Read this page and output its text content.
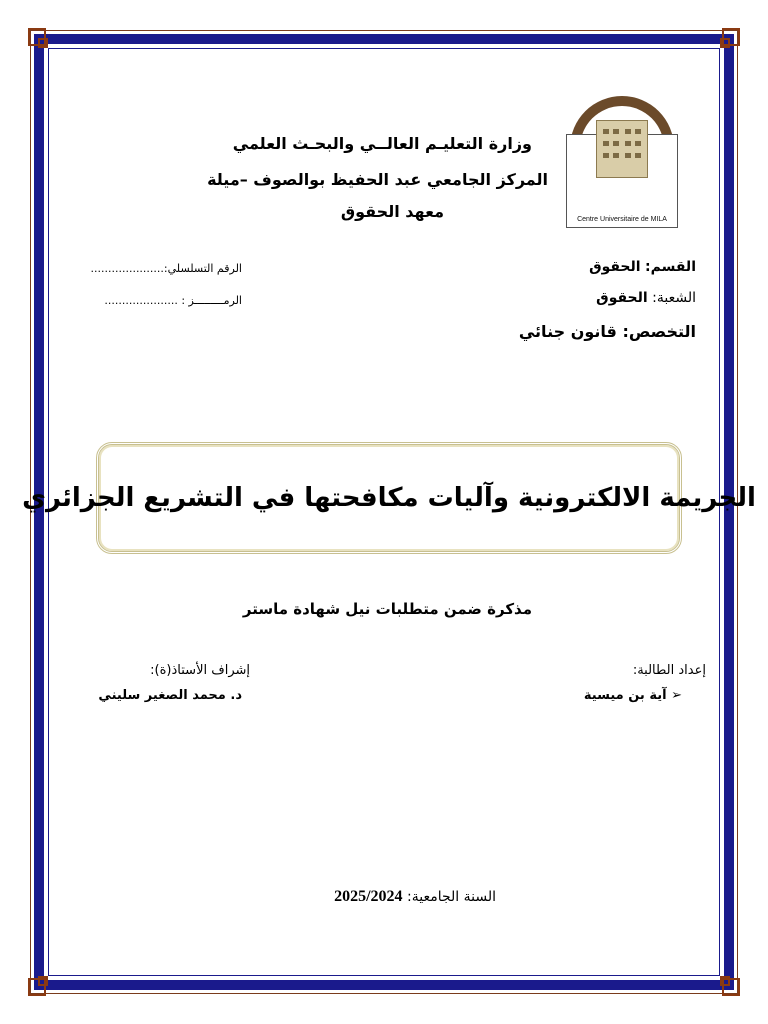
Centre Universitaire de MILA
وزارة التعليـم العالــي والبحـث العلمي
المركز الجامعي عبد الحفيظ بوالصوف –ميلة
معهد الحقوق
القسم: الحقوق
الشعبة: الحقوق
التخصص: قانون جنائي
الرقم التسلسلي:.....................
الرمـــــــــز : .....................
الجريمة الالكترونية وآليات مكافحتها في التشريع الجزائري
مذكرة ضمن متطلبات نيل شهادة ماستر
إعداد الطالبة:
➢ آية بن ميسية
إشراف الأستاذ(ة):
د. محمد الصغير سليني
السنة الجامعية: 2025/2024
